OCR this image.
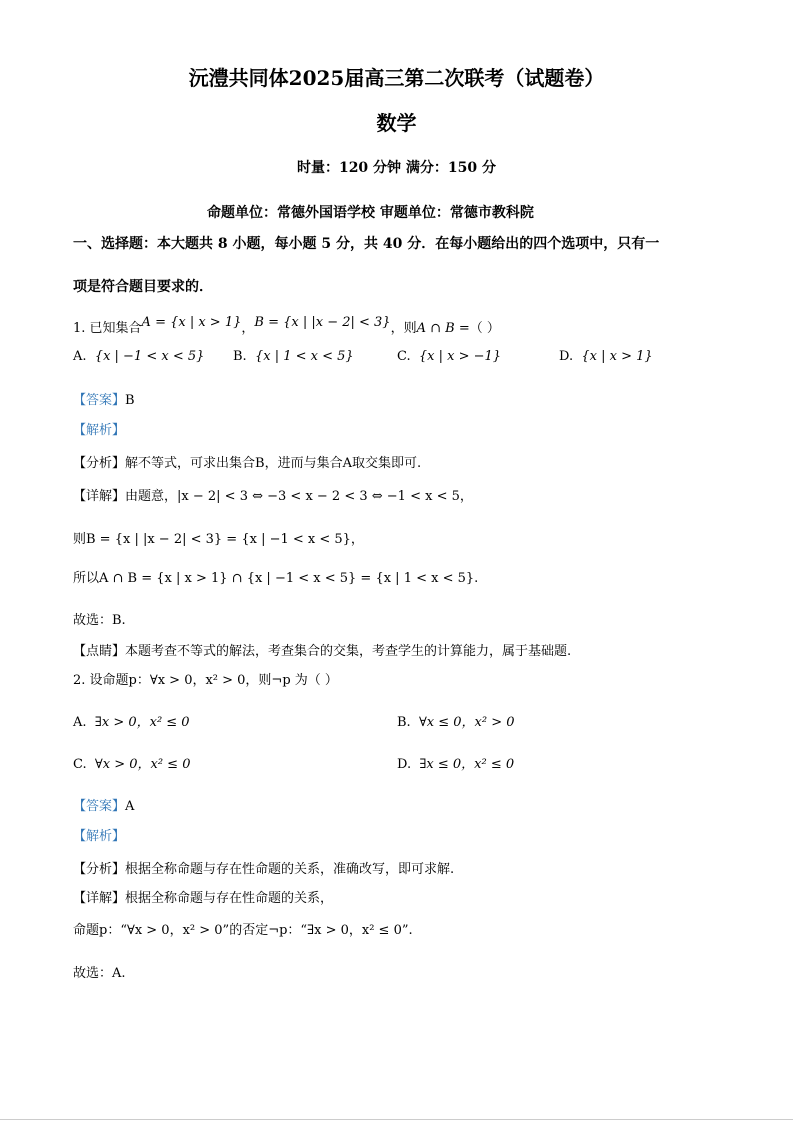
沅澧共同体2025届高三第二次联考（试题卷）
数学
时量：120 分钟 满分：150 分
命题单位：常德外国语学校 审题单位：常德市教科院
一、选择题：本大题共 8 小题，每小题 5 分，共 40 分．在每小题给出的四个选项中，只有一
项是符合题目要求的．
1. 已知集合A = {x | x > 1}，B = {x | |x − 2| < 3}，则A ∩ B =（ ）
A. {x | −1 < x < 5} B. {x | 1 < x < 5}	C. {x | x > −1}	D. {x | x > 1}
【答案】B
【解析】
【分析】解不等式，可求出集合B，进而与集合A取交集即可.
【详解】由题意，|x − 2| < 3 ⇔ −3 < x − 2 < 3 ⇔ −1 < x < 5，
则B = {x | |x − 2| < 3} = {x | −1 < x < 5}，
所以A ∩ B = {x | x > 1} ∩ {x | −1 < x < 5} = {x | 1 < x < 5}.
故选：B.
【点睛】本题考查不等式的解法，考查集合的交集，考查学生的计算能力，属于基础题.
2. 设命题p：∀x > 0，x² > 0，则¬p 为（ ）
A. ∃x > 0，x² ≤ 0	B. ∀x ≤ 0，x² > 0
C. ∀x > 0，x² ≤ 0	D. ∃x ≤ 0，x² ≤ 0
【答案】A
【解析】
【分析】根据全称命题与存在性命题的关系，准确改写，即可求解.
【详解】根据全称命题与存在性命题的关系，
命题p：“∀x > 0，x² > 0”的否定¬p：“∃x > 0，x² ≤ 0”.
故选：A.
